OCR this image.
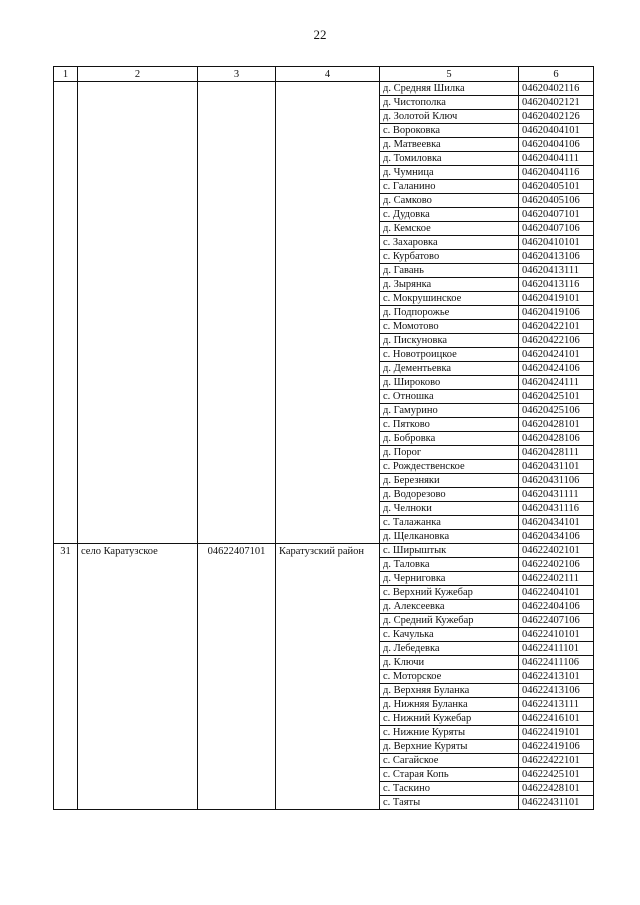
22
1	2	3	4	5	6
				д. Средняя Шилка	04620402116
				д. Чистополка	04620402121
				д. Золотой Ключ	04620402126
				с. Вороковка	04620404101
				д. Матвеевка	04620404106
				д. Томиловка	04620404111
				д. Чумница	04620404116
				с. Галанино	04620405101
				д. Самково	04620405106
				с. Дудовка	04620407101
				д. Кемское	04620407106
				с. Захаровка	04620410101
				с. Курбатово	04620413106
				д. Гавань	04620413111
				д. Зырянка	04620413116
				с. Мокрушинское	04620419101
				д. Подпорожье	04620419106
				с. Момотово	04620422101
				д. Пискуновка	04620422106
				с. Новотроицкое	04620424101
				д. Дементьевка	04620424106
				д. Широково	04620424111
				с. Отношка	04620425101
				д. Гамурино	04620425106
				с. Пятково	04620428101
				д. Бобровка	04620428106
				д. Порог	04620428111
				с. Рождественское	04620431101
				д. Березняки	04620431106
				д. Водорезово	04620431111
				д. Челноки	04620431116
				с. Талажанка	04620434101
				д. Щелкановка	04620434106
31	село Каратузское	04622407101	Каратузский район	с. Ширыштык	04622402101
				д. Таловка	04622402106
				д. Черниговка	04622402111
				с. Верхний Кужебар	04622404101
				д. Алексеевка	04622404106
				д. Средний Кужебар	04622407106
				с. Качулька	04622410101
				д. Лебедевка	04622411101
				д. Ключи	04622411106
				с. Моторское	04622413101
				д. Верхняя Буланка	04622413106
				д. Нижняя Буланка	04622413111
				с. Нижний Кужебар	04622416101
				с. Нижние Куряты	04622419101
				д. Верхние Куряты	04622419106
				с. Сагайское	04622422101
				с. Старая Копь	04622425101
				с. Таскино	04622428101
				с. Таяты	04622431101
